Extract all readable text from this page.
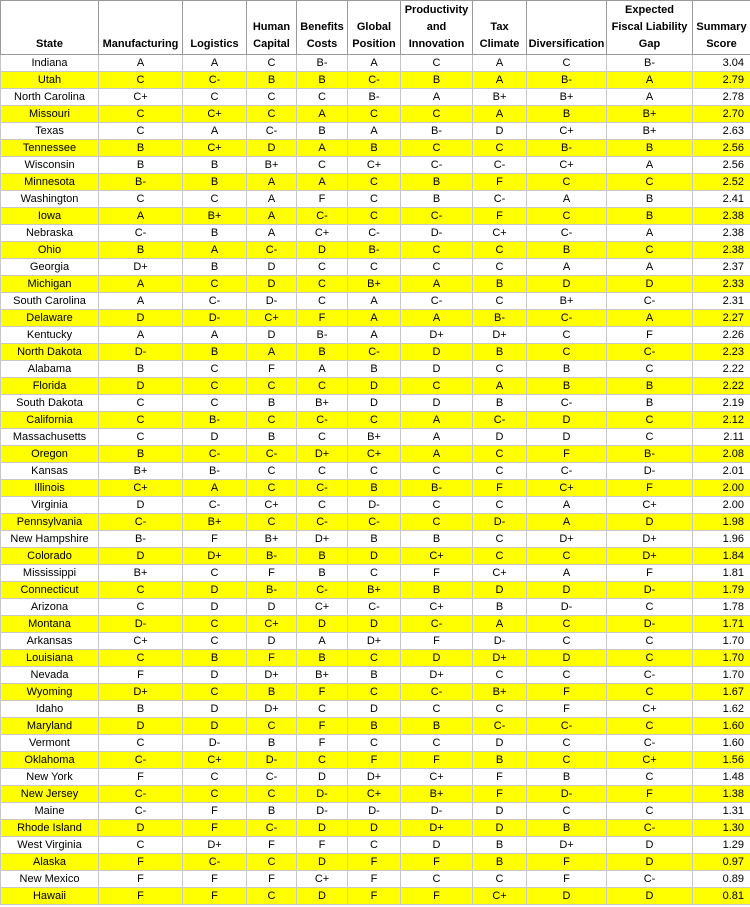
State	Manufacturing	Logistics	Human Capital	Benefits Costs	Global Position	Productivity and Innovation	Tax Climate	Diversification	Expected Fiscal Liability Gap	Summary Score
Indiana	A	A	C	B-	A	C	A	C	B-	3.04
Utah	C	C-	B	B	C-	B	A	B-	A	2.79
North Carolina	C+	C	C	C	B-	A	B+	B+	A	2.78
Missouri	C	C+	C	A	C	C	A	B	B+	2.70
Texas	C	A	C-	B	A	B-	D	C+	B+	2.63
Tennessee	B	C+	D	A	B	C	C	B-	B	2.56
Wisconsin	B	B	B+	C	C+	C-	C-	C+	A	2.56
Minnesota	B-	B	A	A	C	B	F	C	C	2.52
Washington	C	C	A	F	C	B	C-	A	B	2.41
Iowa	A	B+	A	C-	C	C-	F	C	B	2.38
Nebraska	C-	B	A	C+	C-	D-	C+	C-	A	2.38
Ohio	B	A	C-	D	B-	C	C	B	C	2.38
Georgia	D+	B	D	C	C	C	C	A	A	2.37
Michigan	A	C	D	C	B+	A	B	D	D	2.33
South Carolina	A	C-	D-	C	A	C-	C	B+	C-	2.31
Delaware	D	D-	C+	F	A	A	B-	C-	A	2.27
Kentucky	A	A	D	B-	A	D+	D+	C	F	2.26
North Dakota	D-	B	A	B	C-	D	B	C	C-	2.23
Alabama	B	C	F	A	B	D	C	B	C	2.22
Florida	D	C	C	C	D	C	A	B	B	2.22
South Dakota	C	C	B	B+	D	D	B	C-	B	2.19
California	C	B-	C	C-	C	A	C-	D	C	2.12
Massachusetts	C	D	B	C	B+	A	D	D	C	2.11
Oregon	B	C-	C-	D+	C+	A	C	F	B-	2.08
Kansas	B+	B-	C	C	C	C	C	C-	D-	2.01
Illinois	C+	A	C	C-	B	B-	F	C+	F	2.00
Virginia	D	C-	C+	C	D-	C	C	A	C+	2.00
Pennsylvania	C-	B+	C	C-	C-	C	D-	A	D	1.98
New Hampshire	B-	F	B+	D+	B	B	C	D+	D+	1.96
Colorado	D	D+	B-	B	D	C+	C	C	D+	1.84
Mississippi	B+	C	F	B	C	F	C+	A	F	1.81
Connecticut	C	D	B-	C-	B+	B	D	D	D-	1.79
Arizona	C	D	D	C+	C-	C+	B	D-	C	1.78
Montana	D-	C	C+	D	D	C-	A	C	D-	1.71
Arkansas	C+	C	D	A	D+	F	D-	C	C	1.70
Louisiana	C	B	F	B	C	D	D+	D	C	1.70
Nevada	F	D	D+	B+	B	D+	C	C	C-	1.70
Wyoming	D+	C	B	F	C	C-	B+	F	C	1.67
Idaho	B	D	D+	C	D	C	C	F	C+	1.62
Maryland	D	D	C	F	B	B	C-	C-	C	1.60
Vermont	C	D-	B	F	C	C	D	C	C-	1.60
Oklahoma	C-	C+	D-	C	F	F	B	C	C+	1.56
New York	F	C	C-	D	D+	C+	F	B	C	1.48
New Jersey	C-	C	C	D-	C+	B+	F	D-	F	1.38
Maine	C-	F	B	D-	D-	D-	D	C	C	1.31
Rhode Island	D	F	C-	D	D	D+	D	B	C-	1.30
West Virginia	C	D+	F	F	C	D	B	D+	D	1.29
Alaska	F	C-	C	D	F	F	B	F	D	0.97
New Mexico	F	F	F	C+	F	C	C	F	C-	0.89
Hawaii	F	F	C	D	F	F	C+	D	D	0.81
